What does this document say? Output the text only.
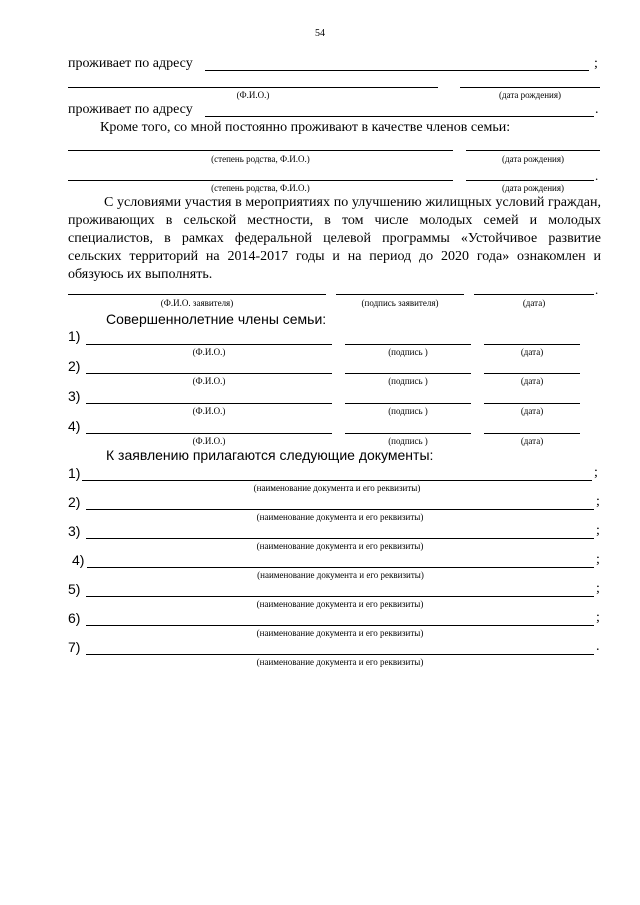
54
проживает по адресу	;
(Ф.И.О.)	(дата рождения)
проживает по адресу	.
Кроме того, со мной постоянно проживают в качестве членов семьи:
(степень родства, Ф.И.О.)	(дата рождения)
.
(степень родства, Ф.И.О.)	(дата рождения)
С условиями участия в мероприятиях по улучшению жилищных условий граждан, проживающих в сельской местности, в том числе молодых семей и молодых специалистов, в рамках федеральной целевой программы «Устойчивое развитие сельских территорий на 2014-2017 годы и на период до 2020 года» ознакомлен и обязуюсь их выполнять.
.
(Ф.И.О. заявителя)	(подпись заявителя)	(дата)
Совершеннолетние члены семьи:
1)
(Ф.И.О.)	(подпись )	(дата)
2)
(Ф.И.О.)	(подпись )	(дата)
3)
(Ф.И.О.)	(подпись )	(дата)
4)
(Ф.И.О.)	(подпись )	(дата)
К заявлению прилагаются следующие документы:
1)	;
(наименование документа и его реквизиты)
2)	;
(наименование документа и его реквизиты)
3)	;
(наименование документа и его реквизиты)
4)	;
(наименование документа и его реквизиты)
5)	;
(наименование документа и его реквизиты)
6)	;
(наименование документа и его реквизиты)
7)	.
(наименование документа и его реквизиты)
